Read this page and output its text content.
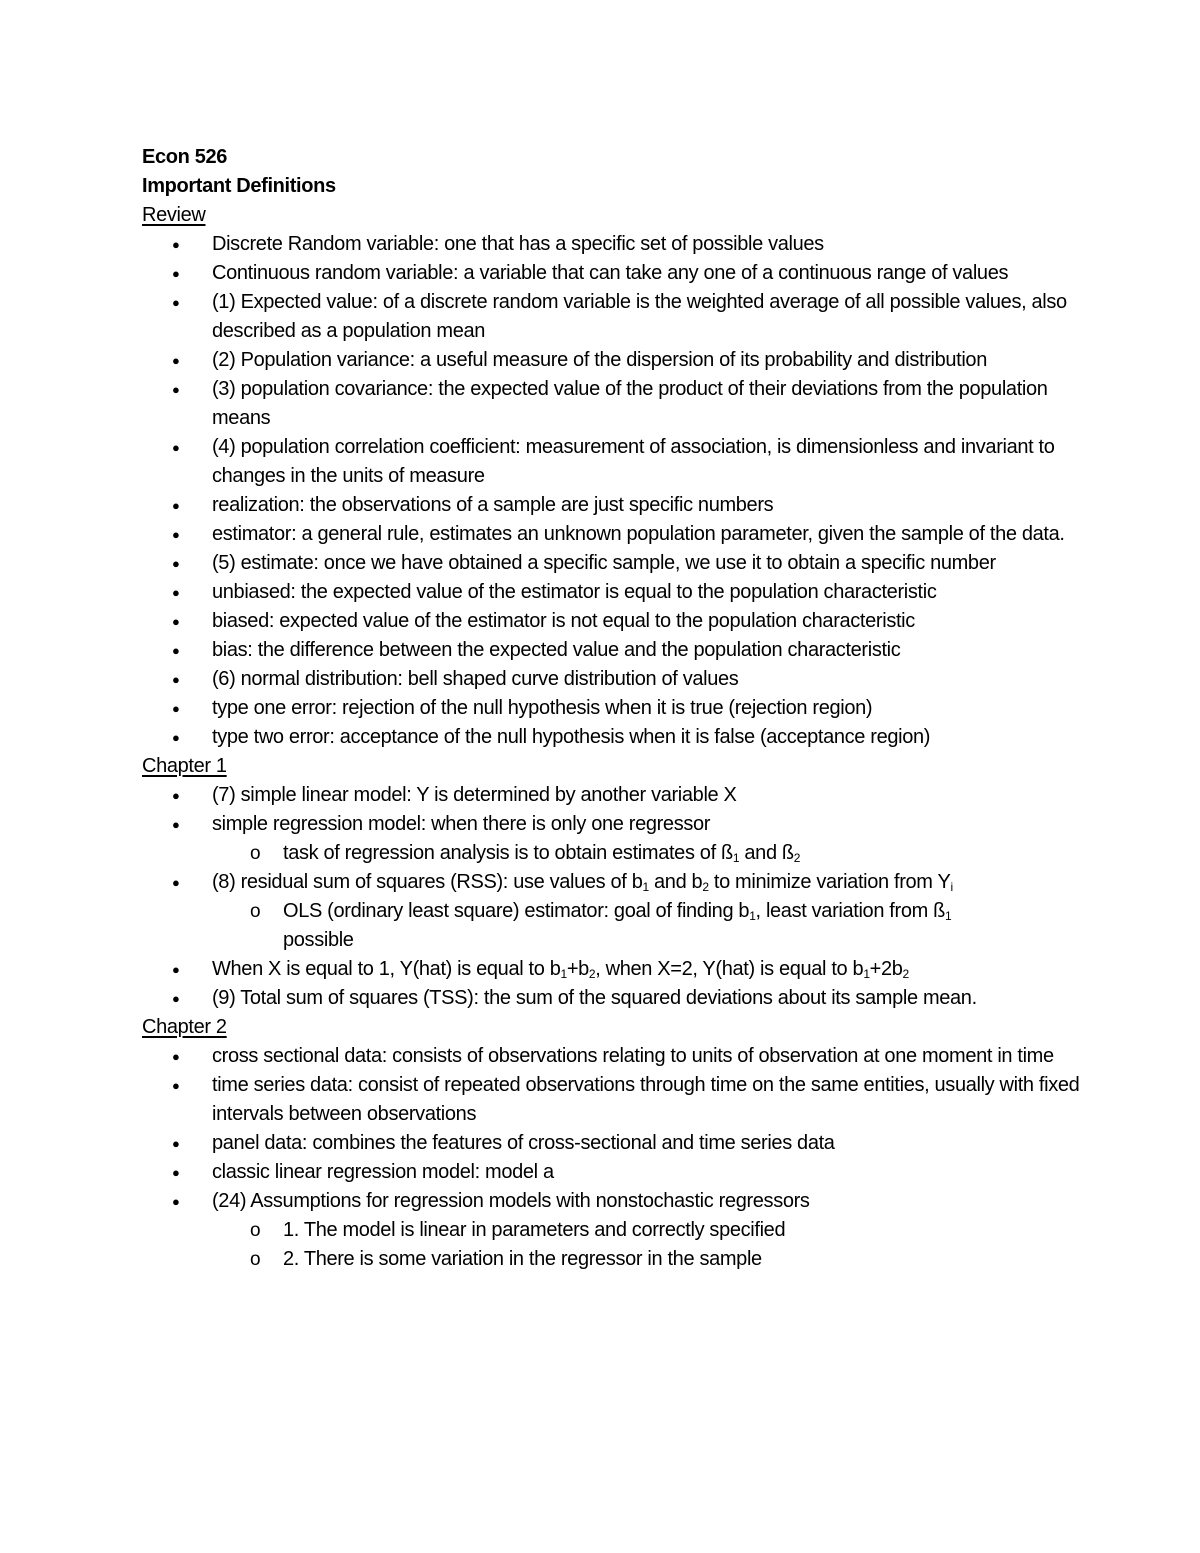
Econ 526

Important Definitions

Review

● Discrete Random variable: one that has a specific set of possible values
● Continuous random variable: a variable that can take any one of a continuous range of values
● (1) Expected value: of a discrete random variable is the weighted average of all possible values, also described as a population mean
● (2) Population variance: a useful measure of the dispersion of its probability and distribution
● (3) population covariance: the expected value of the product of their deviations from the population means
● (4) population correlation coefficient: measurement of association, is dimensionless and invariant to changes in the units of measure
● realization: the observations of a sample are just specific numbers
● estimator: a general rule, estimates an unknown population parameter, given the sample of the data.
● (5) estimate: once we have obtained a specific sample, we use it to obtain a specific number
● unbiased: the expected value of the estimator is equal to the population characteristic
● biased: expected value of the estimator is not equal to the population characteristic
● bias: the difference between the expected value and the population characteristic
● (6) normal distribution: bell shaped curve distribution of values
● type one error: rejection of the null hypothesis when it is true (rejection region)
● type two error: acceptance of the null hypothesis when it is false (acceptance region)

Chapter 1

● (7) simple linear model: Y is determined by another variable X
● simple regression model: when there is only one regressor
o task of regression analysis is to obtain estimates of $ß_1$ and $ß_2$
● (8) residual sum of squares (RSS): use values of $b_1$ and $b_2$ to minimize variation from $Y_i$
o OLS (ordinary least square) estimator: goal of finding $b_1$, least variation from $ß_1$
possible
● When X is equal to 1, Y(hat) is equal to $b_1+b_2$, when X=2, Y(hat) is equal to $b_1+2b_2$
● (9) Total sum of squares (TSS): the sum of the squared deviations about its sample mean.

Chapter 2

● cross sectional data: consists of observations relating to units of observation at one moment in time
● time series data: consist of repeated observations through time on the same entities, usually with fixed intervals between observations
● panel data: combines the features of cross-sectional and time series data
● classic linear regression model: model a
● (24) Assumptions for regression models with nonstochastic regressors
o 1. The model is linear in parameters and correctly specified
o 2. There is some variation in the regressor in the sample
